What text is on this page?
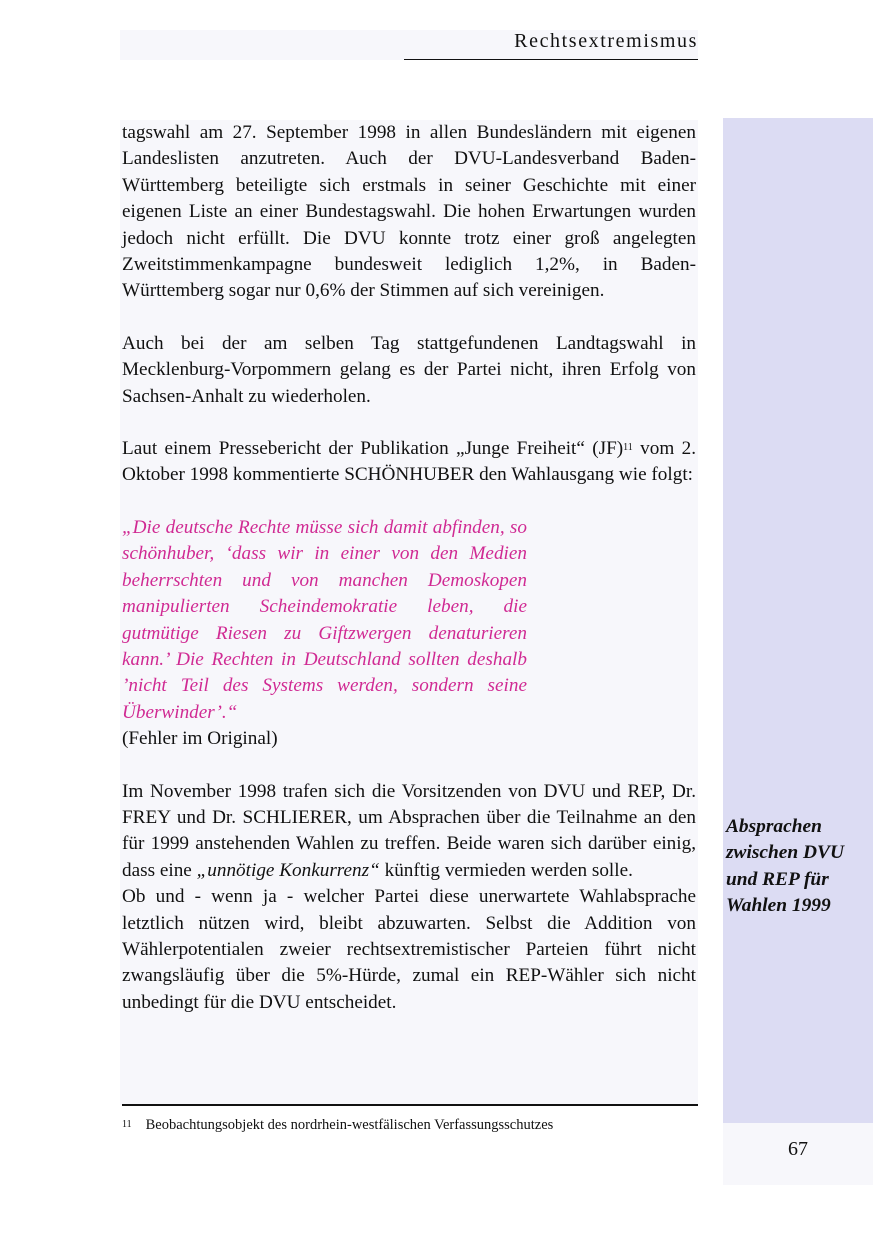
Rechtsextremismus

tagswahl am 27. September 1998 in allen Bundesländern mit eigenen Landeslisten anzutreten. Auch der DVU-Landesverband Baden-Württemberg beteiligte sich erstmals in seiner Geschichte mit einer eigenen Liste an einer Bundestagswahl. Die hohen Erwartungen wurden jedoch nicht erfüllt. Die DVU konnte trotz einer groß angelegten Zweitstimmenkampagne bundesweit lediglich 1,2%, in Baden-Württemberg sogar nur 0,6% der Stimmen auf sich vereinigen.

Auch bei der am selben Tag stattgefundenen Landtagswahl in Mecklenburg-Vorpommern gelang es der Partei nicht, ihren Erfolg von Sachsen-Anhalt zu wiederholen.

Laut einem Pressebericht der Publikation „Junge Freiheit“ (JF)$^{11}$ vom 2. Oktober 1998 kommentierte SCHÖNHUBER den Wahlausgang wie folgt:

„Die deutsche Rechte müsse sich damit abfinden, so schönhuber, ‘dass wir in einer von den Medien beherrschten und von manchen Demoskopen manipulierten Scheindemokratie leben, die gutmütige Riesen zu Giftzwergen denaturieren kann.’ Die Rechten in Deutschland sollten deshalb ’nicht Teil des Systems werden, sondern seine Überwinder’.“

(Fehler im Original)

Im November 1998 trafen sich die Vorsitzenden von DVU und REP, Dr. FREY und Dr. SCHLIERER, um Absprachen über die Teilnahme an den für 1999 anstehenden Wahlen zu treffen. Beide waren sich darüber einig, dass eine „unnötige Konkurrenz“ künftig vermieden werden solle.

Ob und - wenn ja - welcher Partei diese unerwartete Wahlabsprache letztlich nützen wird, bleibt abzuwarten. Selbst die Addition von Wählerpotentialen zweier rechtsextremistischer Parteien führt nicht zwangsläufig über die 5%-Hürde, zumal ein REP-Wähler sich nicht unbedingt für die DVU entscheidet.

Absprachen
zwischen DVU
und REP für
Wahlen 1999
$^{11}$ Beobachtungsobjekt des nordrhein-westfälischen Verfassungsschutzes
67
